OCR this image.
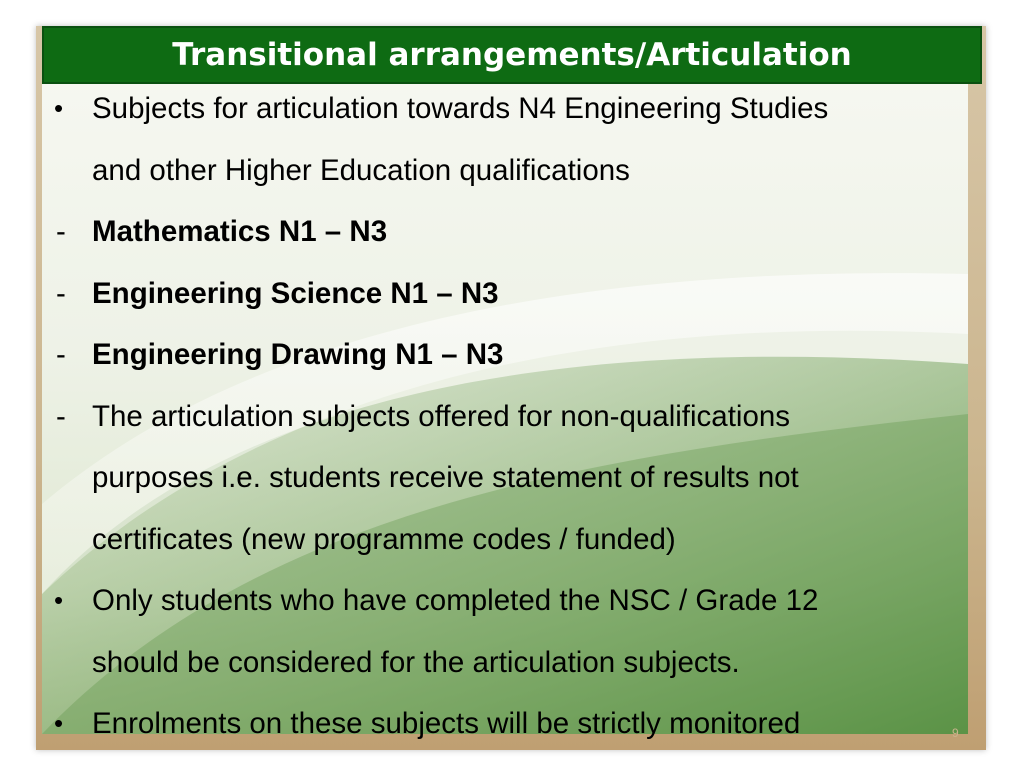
Transitional arrangements/Articulation
• Subjects for articulation towards N4 Engineering Studies
and other Higher Education qualifications
- Mathematics N1 – N3
- Engineering Science N1 – N3
- Engineering Drawing N1 – N3
- The articulation subjects offered for non-qualifications
purposes i.e. students receive statement of results not
certificates (new programme codes / funded)
• Only students who have completed the NSC / Grade 12
should be considered for the articulation subjects.
• Enrolments on these subjects will be strictly monitored	9
